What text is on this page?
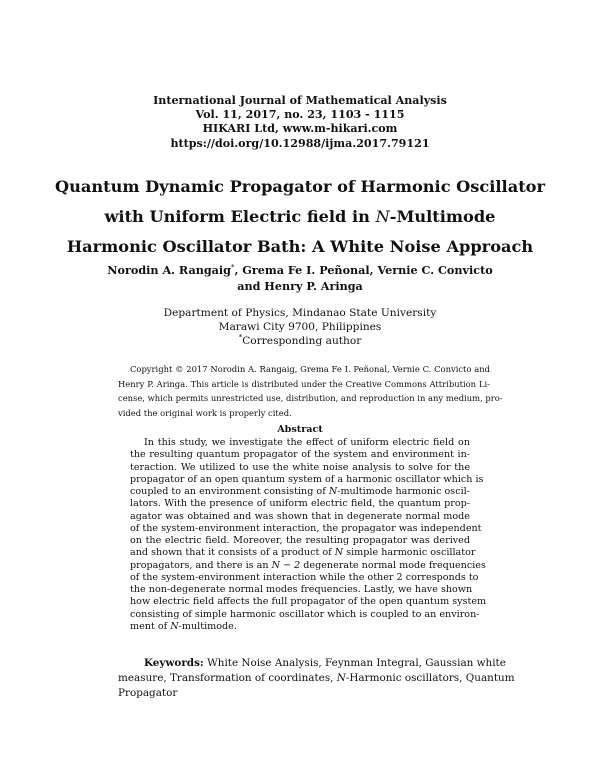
International Journal of Mathematical Analysis
Vol. 11, 2017, no. 23, 1103 - 1115
HIKARI Ltd, www.m-hikari.com
https://doi.org/10.12988/ijma.2017.79121
Quantum Dynamic Propagator of Harmonic Oscillator
with Uniform Electric field in N-Multimode
Harmonic Oscillator Bath: A White Noise Approach
Norodin A. Rangaig*, Grema Fe I. Peñonal, Vernie C. Convicto
and Henry P. Aringa
Department of Physics, Mindanao State University
Marawi City 9700, Philippines
*Corresponding author
Copyright © 2017 Norodin A. Rangaig, Grema Fe I. Peñonal, Vernie C. Convicto and
Henry P. Aringa. This article is distributed under the Creative Commons Attribution Li-
cense, which permits unrestricted use, distribution, and reproduction in any medium, pro-
vided the original work is properly cited.
Abstract
In this study, we investigate the effect of uniform electric field on
the resulting quantum propagator of the system and environment in-
teraction. We utilized to use the white noise analysis to solve for the
propagator of an open quantum system of a harmonic oscillator which is
coupled to an environment consisting of N-multimode harmonic oscil-
lators. With the presence of uniform electric field, the quantum prop-
agator was obtained and was shown that in degenerate normal mode
of the system-environment interaction, the propagator was independent
on the electric field. Moreover, the resulting propagator was derived
and shown that it consists of a product of N simple harmonic oscillator
propagators, and there is an N − 2 degenerate normal mode frequencies
of the system-environment interaction while the other 2 corresponds to
the non-degenerate normal modes frequencies. Lastly, we have shown
how electric field affects the full propagator of the open quantum system
consisting of simple harmonic oscillator which is coupled to an environ-
ment of N-multimode.
Keywords: White Noise Analysis, Feynman Integral, Gaussian white
measure, Transformation of coordinates, N-Harmonic oscillators, Quantum
Propagator
